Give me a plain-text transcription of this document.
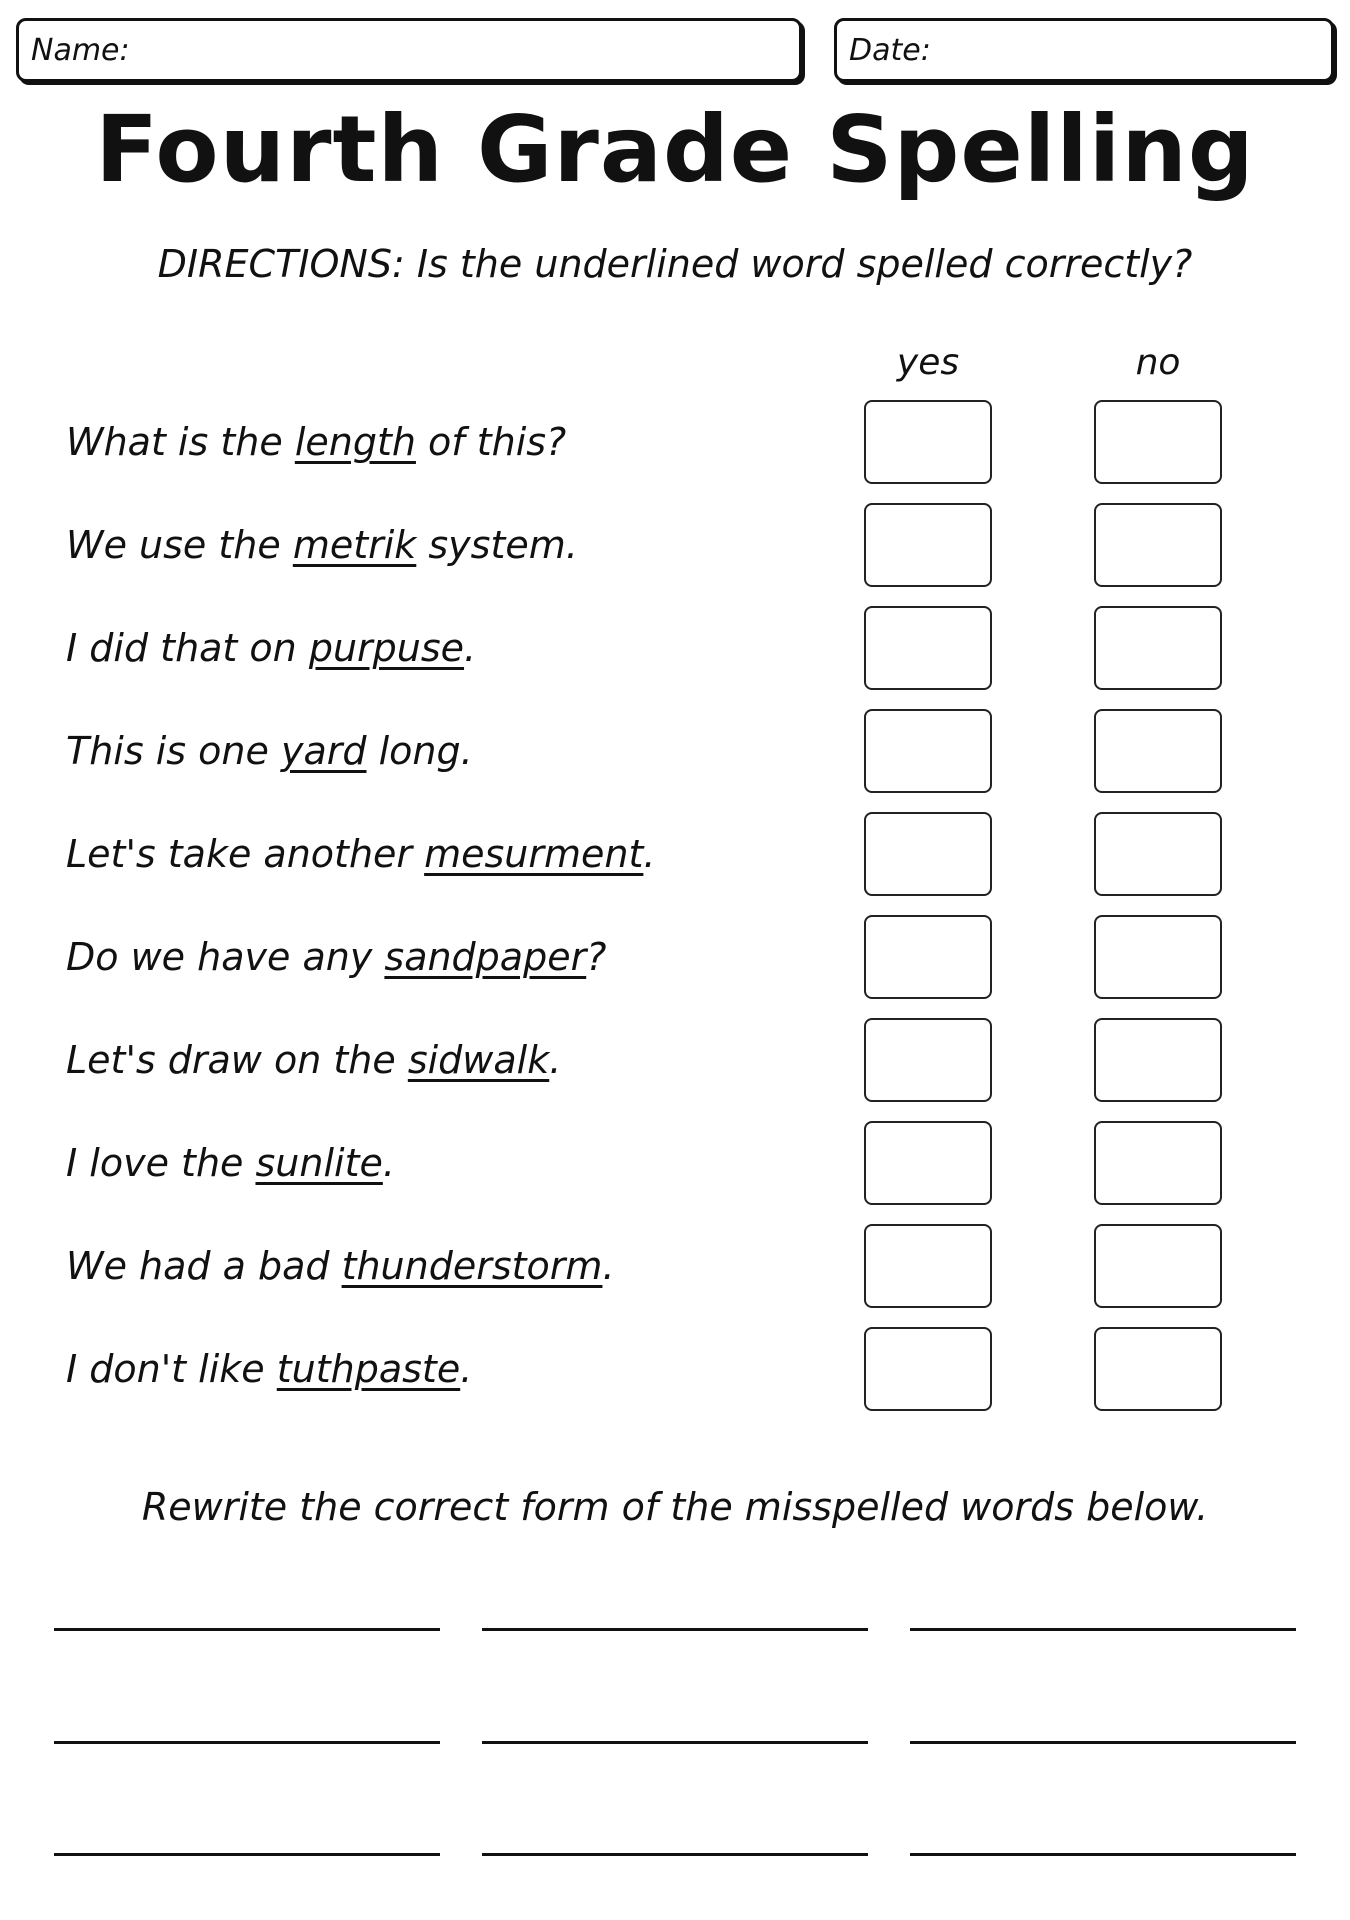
Name:	Date:
Fourth Grade Spelling
DIRECTIONS: Is the underlined word spelled correctly?
yes	no
What is the length of this?
We use the metrik system.
I did that on purpuse .
This is one yard long.
Let's take another mesurment .
Do we have any sandpaper ?
Let's draw on the sidwalk .
I love the sunlite .
We had a bad thunderstorm .
I don't like tuthpaste .
Rewrite the correct form of the misspelled words below.
